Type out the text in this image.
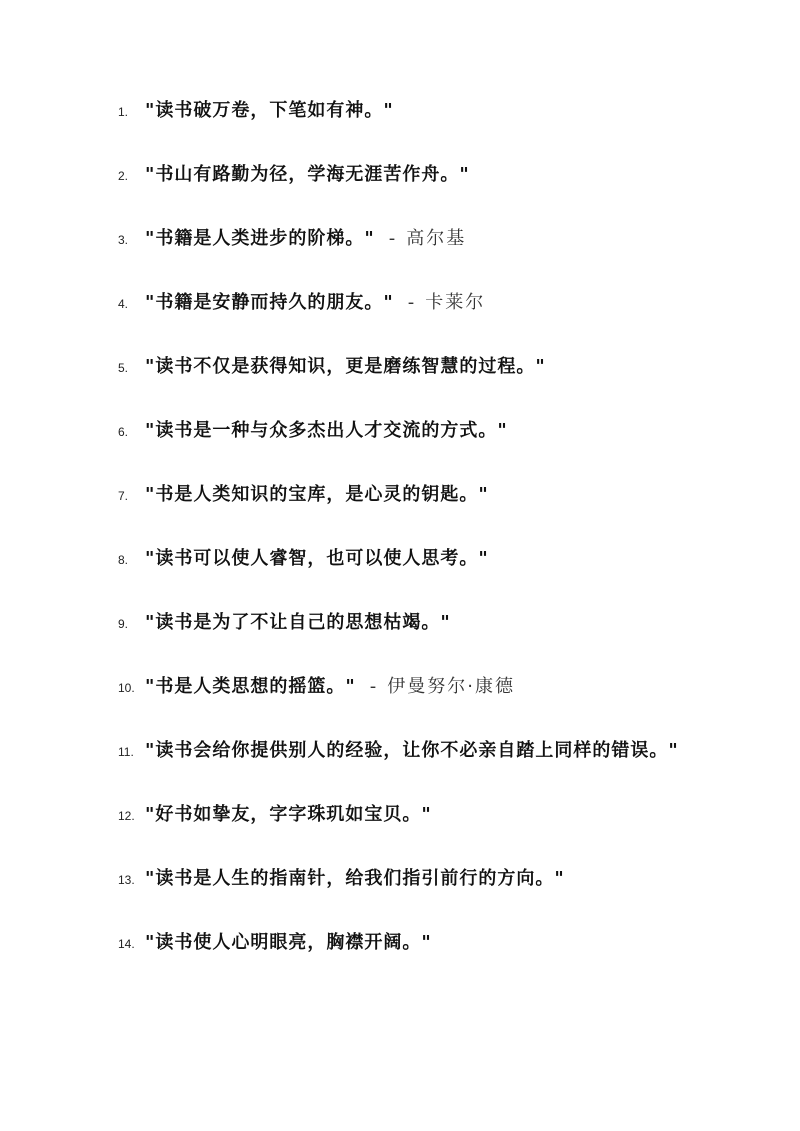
1. "读书破万卷，下笔如有神。"
2. "书山有路勤为径，学海无涯苦作舟。"
3. "书籍是人类进步的阶梯。" - 高尔基
4. "书籍是安静而持久的朋友。" - 卡莱尔
5. "读书不仅是获得知识，更是磨练智慧的过程。"
6. "读书是一种与众多杰出人才交流的方式。"
7. "书是人类知识的宝库，是心灵的钥匙。"
8. "读书可以使人睿智，也可以使人思考。"
9. "读书是为了不让自己的思想枯竭。"
10. "书是人类思想的摇篮。" - 伊曼努尔·康德
11. "读书会给你提供别人的经验，让你不必亲自踏上同样的错误。"
12. "好书如挚友，字字珠玑如宝贝。"
13. "读书是人生的指南针，给我们指引前行的方向。"
14. "读书使人心明眼亮，胸襟开阔。"
